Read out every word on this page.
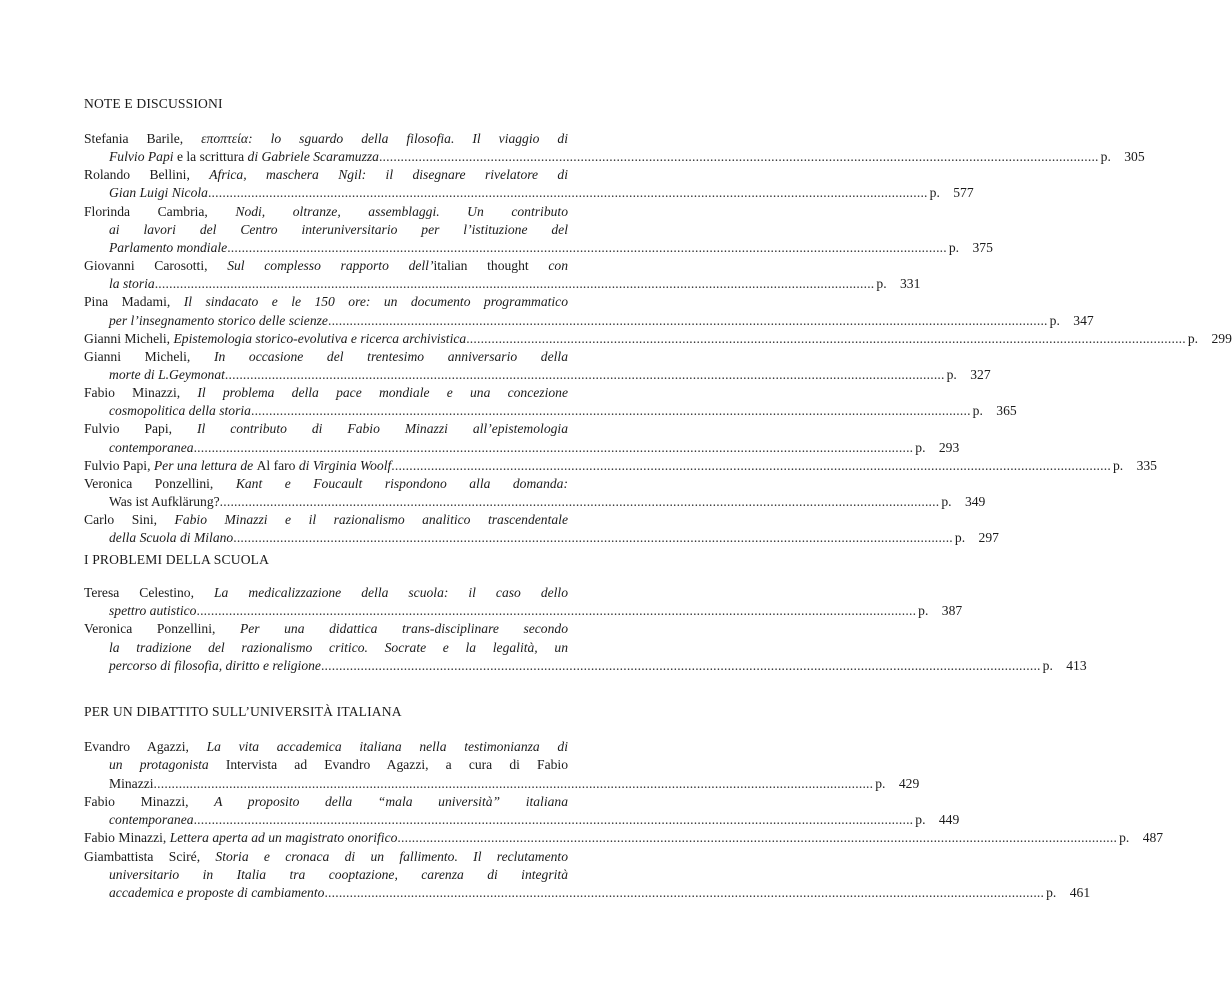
NOTE E DISCUSSIONI
Stefania Barile, εποπτεία: lo sguardo della filosofia. Il viaggio di
Fulvio Papi e la scrittura di Gabriele Scaramuzza ........................................................................................................................................................................................................ p. 305
Rolando Bellini, Africa, maschera Ngil: il disegnare rivelatore di
Gian Luigi Nicola ........................................................................................................................................................................................................ p. 577
Florinda Cambria, Nodi, oltranze, assemblaggi. Un contributo
ai lavori del Centro interuniversitario per l’istituzione del
Parlamento mondiale ........................................................................................................................................................................................................ p. 375
Giovanni Carosotti, Sul complesso rapporto dell’italian thought con
la storia ........................................................................................................................................................................................................ p. 331
Pina Madami, Il sindacato e le 150 ore: un documento programmatico
per l’insegnamento storico delle scienze ........................................................................................................................................................................................................ p. 347
Gianni Micheli, Epistemologia storico-evolutiva e ricerca archivistica ........................................................................................................................................................................................................ p. 299
Gianni Micheli, In occasione del trentesimo anniversario della
morte di L.Geymonat ........................................................................................................................................................................................................ p. 327
Fabio Minazzi, Il problema della pace mondiale e una concezione
cosmopolitica della storia ........................................................................................................................................................................................................ p. 365
Fulvio Papi, Il contributo di Fabio Minazzi all’epistemologia
contemporanea ........................................................................................................................................................................................................ p. 293
Fulvio Papi, Per una lettura de Al faro di Virginia Woolf ........................................................................................................................................................................................................ p. 335
Veronica Ponzellini, Kant e Foucault rispondono alla domanda:
Was ist Aufklärung? ........................................................................................................................................................................................................ p. 349
Carlo Sini, Fabio Minazzi e il razionalismo analitico trascendentale
della Scuola di Milano ........................................................................................................................................................................................................ p. 297
I PROBLEMI DELLA SCUOLA
Teresa Celestino, La medicalizzazione della scuola: il caso dello
spettro autistico ........................................................................................................................................................................................................ p. 387
Veronica Ponzellini, Per una didattica trans-disciplinare secondo
la tradizione del razionalismo critico. Socrate e la legalità, un
percorso di filosofia, diritto e religione ........................................................................................................................................................................................................ p. 413
PER UN DIBATTITO SULL’UNIVERSITÀ ITALIANA
Evandro Agazzi, La vita accademica italiana nella testimonianza di
un protagonista Intervista ad Evandro Agazzi, a cura di Fabio
Minazzi ........................................................................................................................................................................................................ p. 429
Fabio Minazzi, A proposito della “mala università” italiana
contemporanea ........................................................................................................................................................................................................ p. 449
Fabio Minazzi, Lettera aperta ad un magistrato onorifico ........................................................................................................................................................................................................ p. 487
Giambattista Sciré, Storia e cronaca di un fallimento. Il reclutamento
universitario in Italia tra cooptazione, carenza di integrità
accademica e proposte di cambiamento ........................................................................................................................................................................................................ p. 461
